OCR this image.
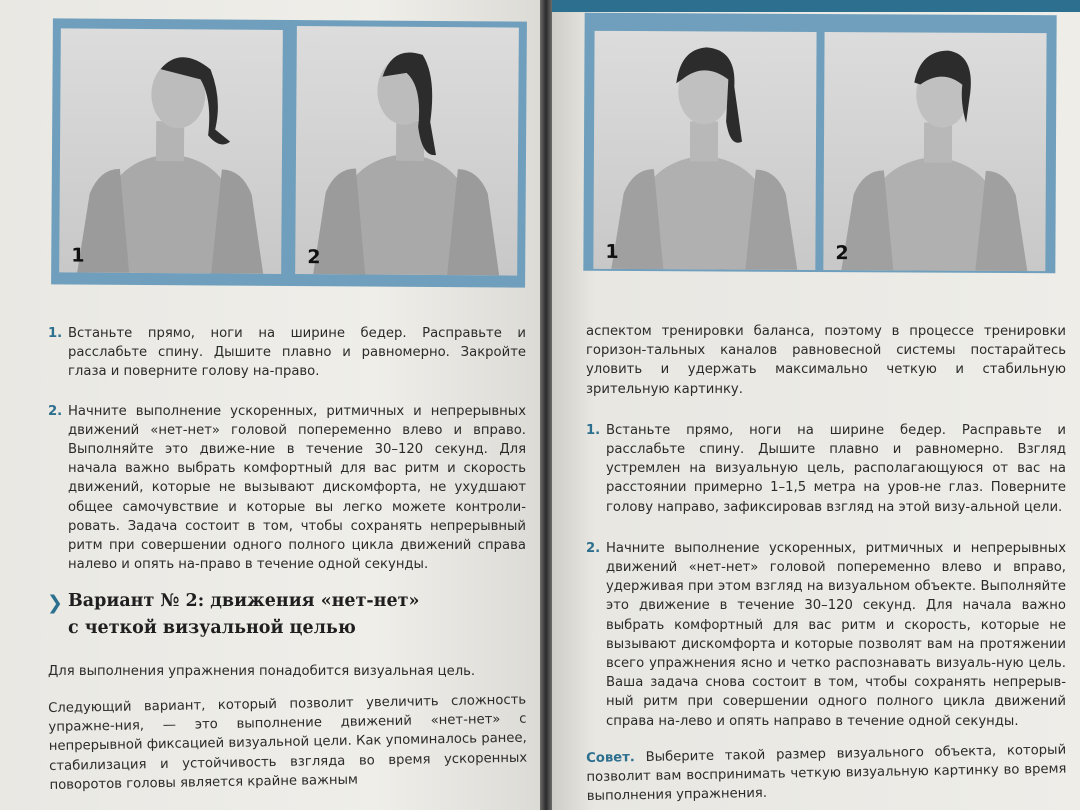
1	2
1. Встаньте прямо, ноги на ширине бедер. Расправьте и расслабьте спину. Дышите плавно и равномерно. Закройте глаза и поверните голову на-право.
2. Начните выполнение ускоренных, ритмичных и непрерывных движений «нет-нет» головой попеременно влево и вправо. Выполняйте это движе-ние в течение 30–120 секунд. Для начала важно выбрать комфортный для вас ритм и скорость движений, которые не вызывают дискомфорта, не ухудшают общее самочувствие и которые вы легко можете контроли-ровать. Задача состоит в том, чтобы сохранять непрерывный ритм при совершении одного полного цикла движений справа налево и опять на-право в течение одной секунды.
❯ Вариант № 2: движения «нет-нет»
с четкой визуальной целью

Для выполнения упражнения понадобится визуальная цель.

Следующий вариант, который позволит увеличить сложность упражне-ния, — это выполнение движений «нет-нет» с непрерывной фиксацией визуальной цели. Как упоминалось ранее, стабилизация и устойчивость взгляда во время ускоренных поворотов головы является крайне важным

1	2

аспектом тренировки баланса, поэтому в процессе тренировки горизон-тальных каналов равновесной системы постарайтесь уловить и удержать максимально четкую и стабильную зрительную картинку.

1. Встаньте прямо, ноги на ширине бедер. Расправьте и расслабьте спину. Дышите плавно и равномерно. Взгляд устремлен на визуальную цель, располагающуюся от вас на расстоянии примерно 1–1,5 метра на уров-не глаз. Поверните голову направо, зафиксировав взгляд на этой визу-альной цели.
2. Начните выполнение ускоренных, ритмичных и непрерывных движений «нет-нет» головой попеременно влево и вправо, удерживая при этом взгляд на визуальном объекте. Выполняйте это движение в течение 30–120 секунд. Для начала важно выбрать комфортный для вас ритм и скорость, которые не вызывают дискомфорта и которые позволят вам на протяжении всего упражнения ясно и четко распознавать визуаль-ную цель. Ваша задача снова состоит в том, чтобы сохранять непрерыв-ный ритм при совершении одного полного цикла движений справа на-лево и опять направо в течение одной секунды.

Совет. Выберите такой размер визуального объекта, который позволит вам воспринимать четкую визуальную картинку во время выполнения упражнения.
